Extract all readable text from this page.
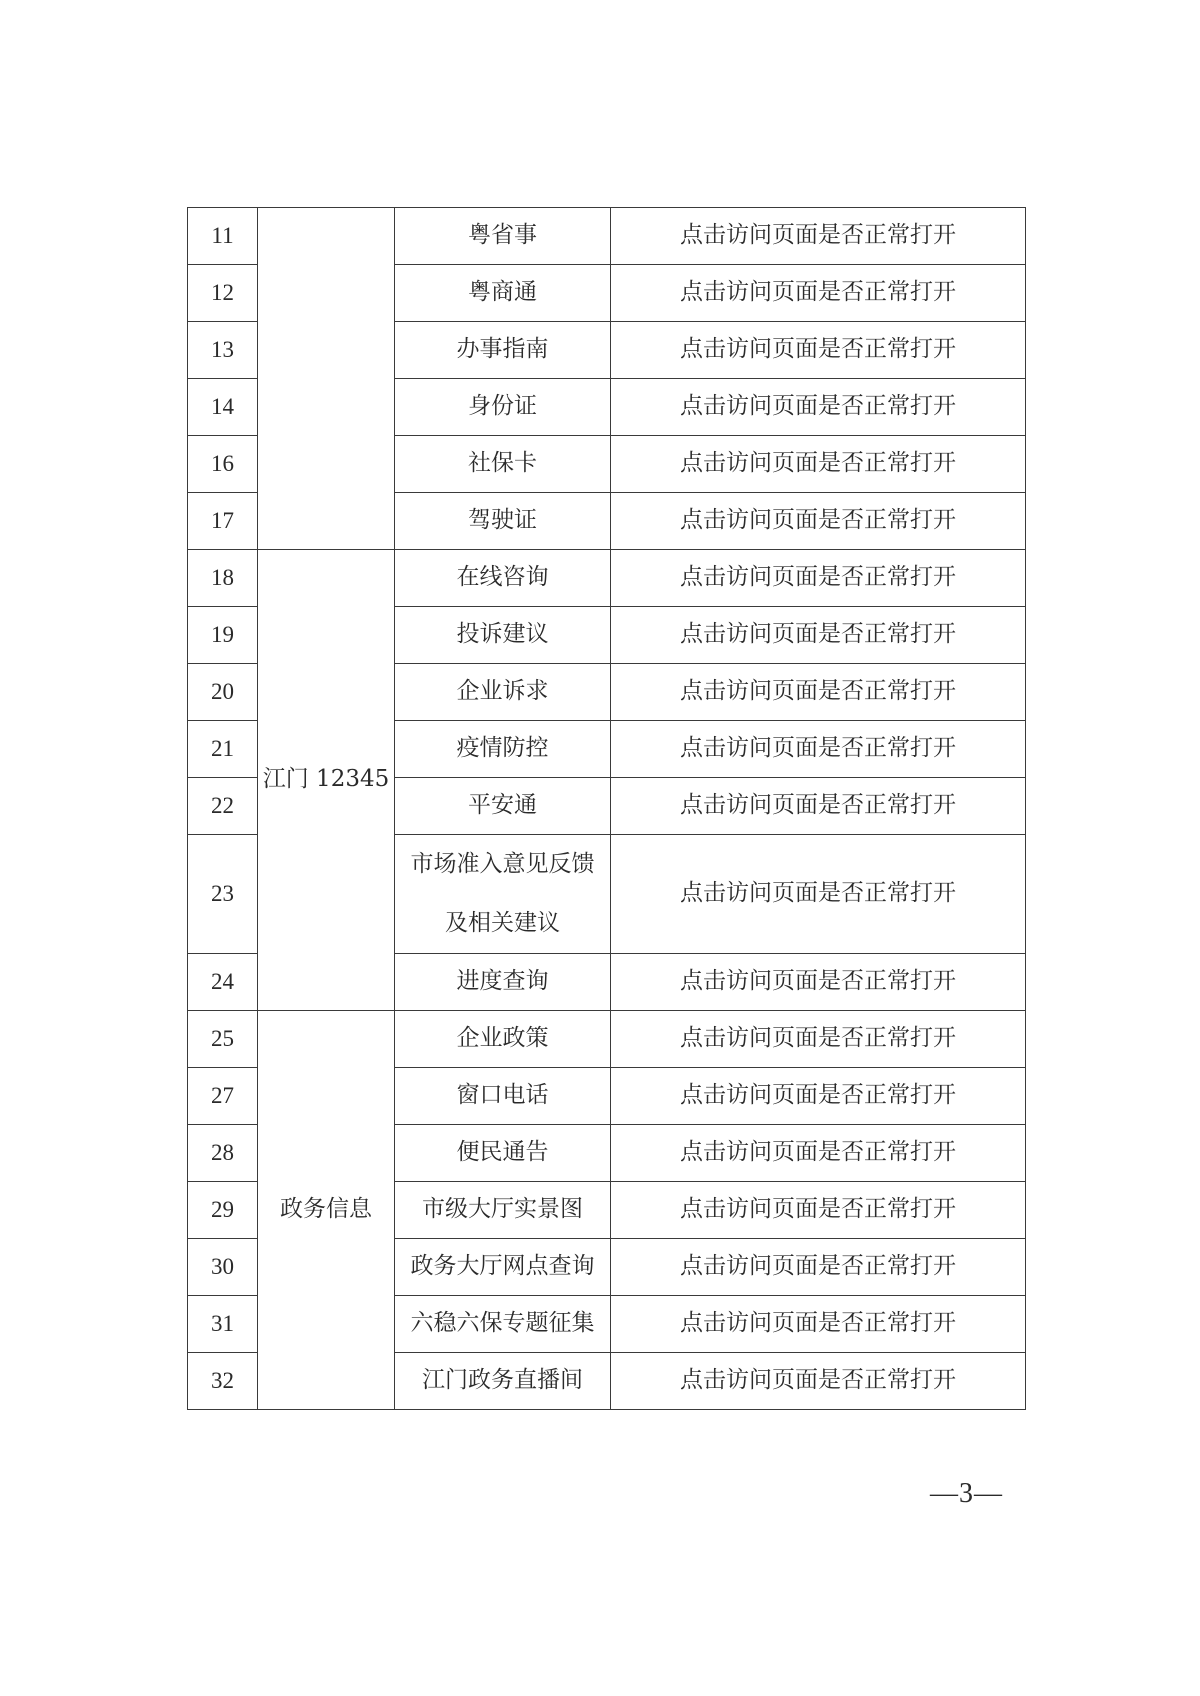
11		粤省事	点击访问页面是否正常打开
12		粤商通	点击访问页面是否正常打开
13		办事指南	点击访问页面是否正常打开
14		身份证	点击访问页面是否正常打开
16		社保卡	点击访问页面是否正常打开
17		驾驶证	点击访问页面是否正常打开
18	江门 12345	在线咨询	点击访问页面是否正常打开
19		投诉建议	点击访问页面是否正常打开
20		企业诉求	点击访问页面是否正常打开
21		疫情防控	点击访问页面是否正常打开
22		平安通	点击访问页面是否正常打开
23		市场准入意见反馈
及相关建议	点击访问页面是否正常打开
24		进度查询	点击访问页面是否正常打开
25	政务信息	企业政策	点击访问页面是否正常打开
27		窗口电话	点击访问页面是否正常打开
28		便民通告	点击访问页面是否正常打开
29		市级大厅实景图	点击访问页面是否正常打开
30		政务大厅网点查询	点击访问页面是否正常打开
31		六稳六保专题征集	点击访问页面是否正常打开
32		江门政务直播间	点击访问页面是否正常打开
—3—
